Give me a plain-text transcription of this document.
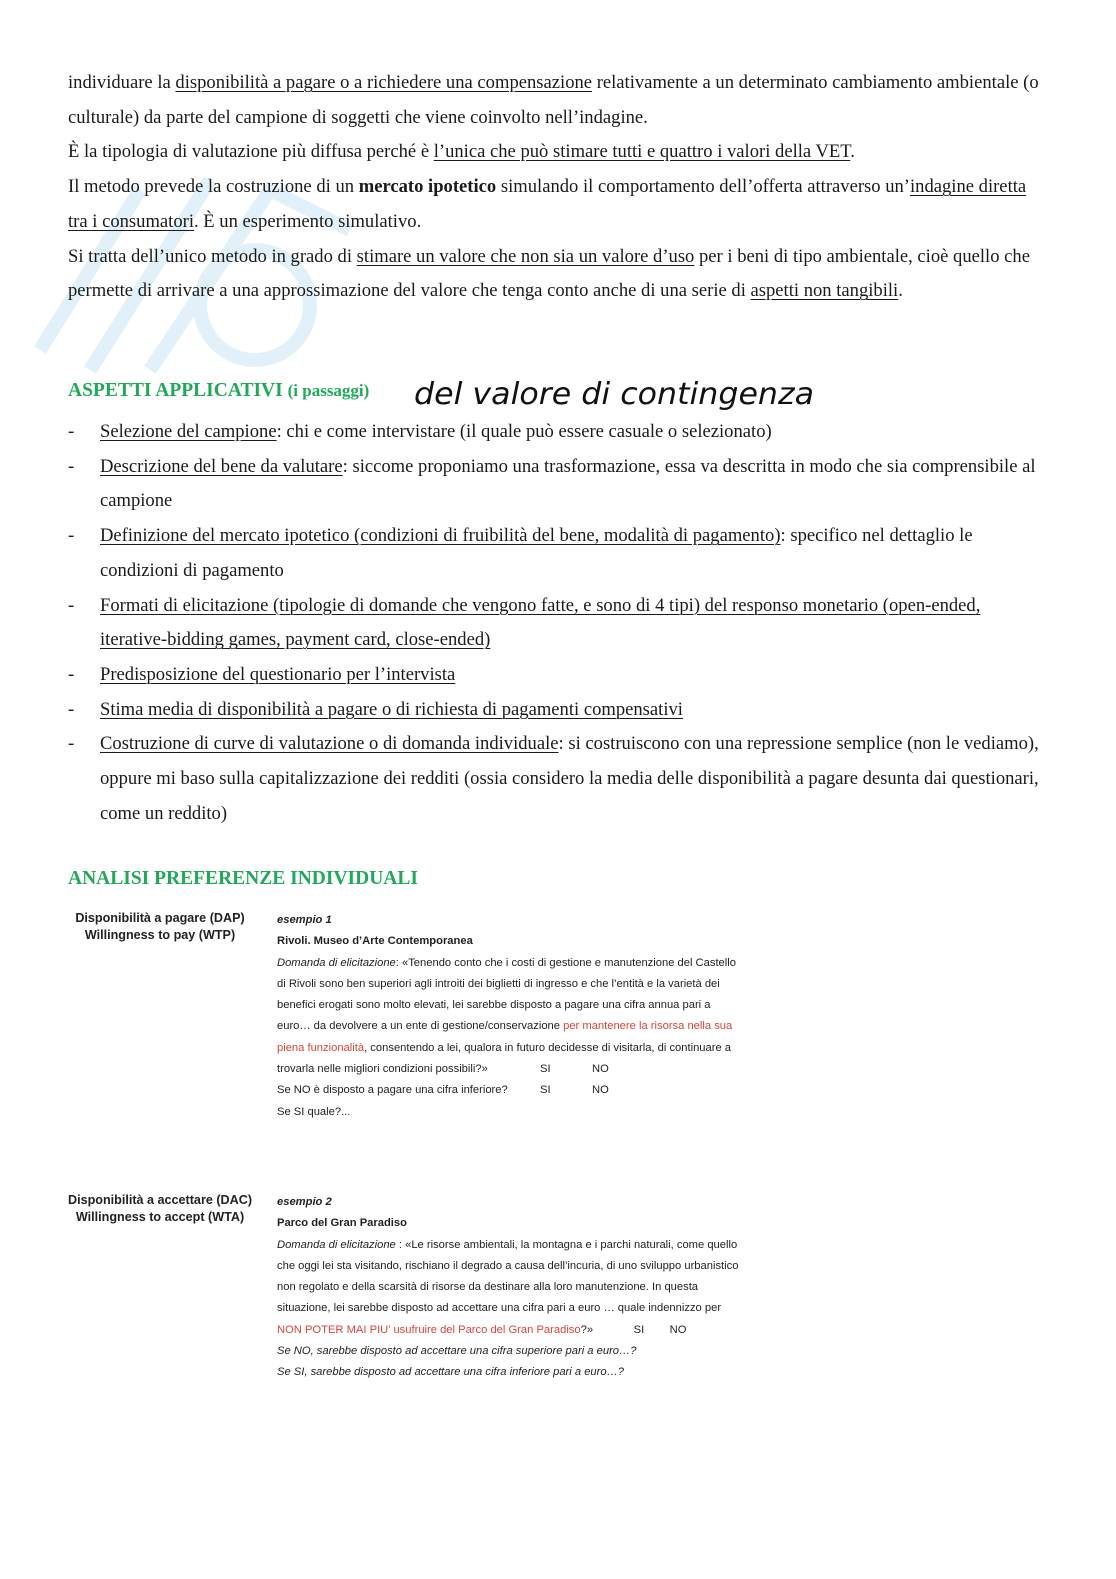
individuare la disponibilità a pagare o a richiedere una compensazione relativamente a un determinato cambiamento ambientale (o culturale) da parte del campione di soggetti che viene coinvolto nell’indagine.

È la tipologia di valutazione più diffusa perché è l’unica che può stimare tutti e quattro i valori della VET.

Il metodo prevede la costruzione di un mercato ipotetico simulando il comportamento dell’offerta attraverso un’indagine diretta tra i consumatori. È un esperimento simulativo.

Si tratta dell’unico metodo in grado di stimare un valore che non sia un valore d’uso per i beni di tipo ambientale, cioè quello che permette di arrivare a una approssimazione del valore che tenga conto anche di una serie di aspetti non tangibili.

ASPETTI APPLICATIVI (i passaggi) del valore di contingenza
- Selezione del campione: chi e come intervistare (il quale può essere casuale o selezionato)
- Descrizione del bene da valutare: siccome proponiamo una trasformazione, essa va descritta in modo che sia comprensibile al campione
- Definizione del mercato ipotetico (condizioni di fruibilità del bene, modalità di pagamento): specifico nel dettaglio le condizioni di pagamento
- Formati di elicitazione (tipologie di domande che vengono fatte, e sono di 4 tipi) del responso monetario (open-ended, iterative-bidding games, payment card, close-ended)
- Predisposizione del questionario per l’intervista
- Stima media di disponibilità a pagare o di richiesta di pagamenti compensativi
- Costruzione di curve di valutazione o di domanda individuale: si costruiscono con una repressione semplice (non le vediamo), oppure mi baso sulla capitalizzazione dei redditi (ossia considero la media delle disponibilità a pagare desunta dai questionari, come un reddito)
ANALISI PREFERENZE INDIVIDUALI
Disponibilità a pagare (DAP)
Willingness to pay (WTP)
esempio 1
Rivoli. Museo d’Arte Contemporanea
Domanda di elicitazione: «Tenendo conto che i costi di gestione e manutenzione del Castello
di Rivoli sono ben superiori agli introiti dei biglietti di ingresso e che l’entità e la varietà dei
benefici erogati sono molto elevati, lei sarebbe disposto a pagare una cifra annua pari a
euro… da devolvere a un ente di gestione/conservazione per mantenere la risorsa nella sua
piena funzionalità, consentendo a lei, qualora in futuro decidesse di visitarla, di continuare a
trovarla nelle migliori condizioni possibili?»	SI	NO
Se NO è disposto a pagare una cifra inferiore?	SI	NO
Se SI quale?...
Disponibilità a accettare (DAC)
Willingness to accept (WTA)
esempio 2
Parco del Gran Paradiso
Domanda di elicitazione : «Le risorse ambientali, la montagna e i parchi naturali, come quello
che oggi lei sta visitando, rischiano il degrado a causa dell’incuria, di uno sviluppo urbanistico
non regolato e della scarsità di risorse da destinare alla loro manutenzione. In questa
situazione, lei sarebbe disposto ad accettare una cifra pari a euro … quale indennizzo per
NON POTER MAI PIU’ usufruire del Parco del Gran Paradiso?»	SI NO
Se NO, sarebbe disposto ad accettare una cifra superiore pari a euro…?
Se SI, sarebbe disposto ad accettare una cifra inferiore pari a euro…?
